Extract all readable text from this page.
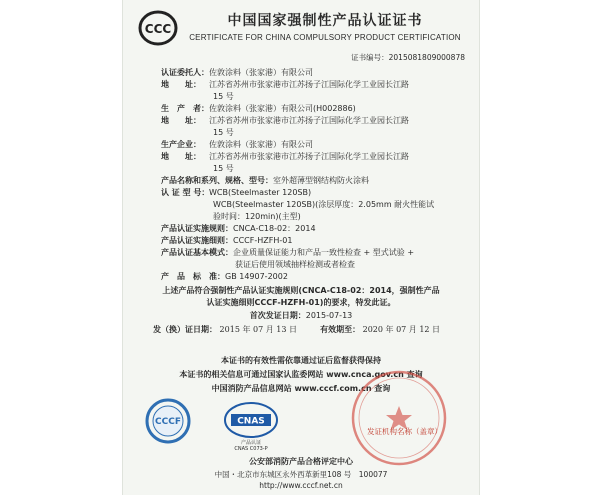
CCC	中国国家强制性产品认证证书
CERTIFICATE FOR CHINA COMPULSORY PRODUCT CERTIFICATION
证书编号：2015081809000878
认证委托人：佐敦涂料（张家港）有限公司
地　　址： 江苏省苏州市张家港市江苏扬子江国际化学工业园长江路
15 号
生　产　者：佐敦涂料（张家港）有限公司(H002886)
地　　址： 江苏省苏州市张家港市江苏扬子江国际化学工业园长江路
15 号
生产企业： 佐敦涂料（张家港）有限公司
地　　址： 江苏省苏州市张家港市江苏扬子江国际化学工业园长江路
15 号
产品名称和系列、规格、型号：室外超薄型钢结构防火涂料
认 证 型 号：WCB(Steelmaster 120SB)
WCB(Steelmaster 120SB)(涂层厚度：2.05mm 耐火性能试
验时间：120min)(主型)
产品认证实施规则：CNCA-C18-02：2014
产品认证实施细则：CCCF-HZFH-01
产品认证基本模式：企业质量保证能力和产品一致性检查 + 型式试验 +
获证后使用领域抽样检测或者检查
产　品　标　准：GB 14907-2002
上述产品符合强制性产品认证实施规则(CNCA-C18-02：2014，强制性产品
认证实施细则CCCF-HZFH-01)的要求，特发此证。
首次发证日期：2015-07-13
发（换）证日期： 2015 年 07 月 13 日	有效期至： 2020 年 07 月 12 日
本证书的有效性需依靠通过证后监督获得保持
本证书的相关信息可通过国家认监委网站 www.cnca.gov.cn 查询
中国消防产品信息网站 www.cccf.com.cn 查询
CCCF	CNAS
产品认证
CNAS C073-P
发证机构名称（盖章）
公安部消防产品合格评定中心
中国・北京市东城区永外西革新里108 号　100077
http://www.cccf.net.cn
